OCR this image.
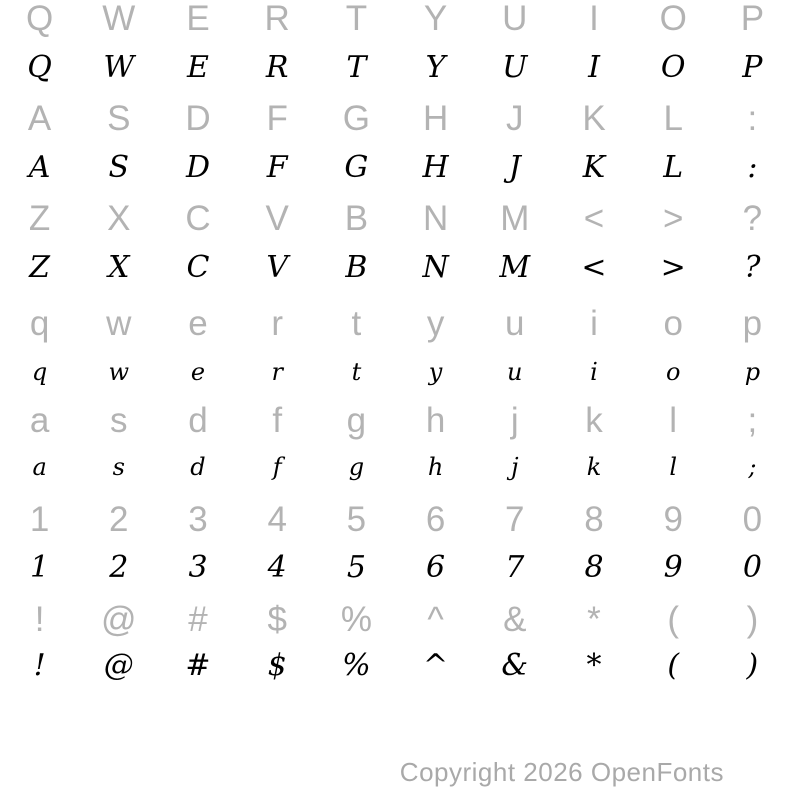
Q W E R T Y U I O P
Q W E R T Y U I O P
A S D F G H J K L :
A S D F G H J K L :
Z X C V B N M < > ?
Z X C V B N M < > ?
q w e r t y u i o p
q	w	e	r	t	y	u	i	o	p
a s d f g h j k l ;
a	s	d	f	g	h	j	k	l	;
1 2 3 4 5 6 7 8 9 0
1 2 3 4 5 6 7 8 9 0
! @ # $ % ^ & * ( )
! @ # $ % ^ & * ( )
Copyright 2026 OpenFonts
